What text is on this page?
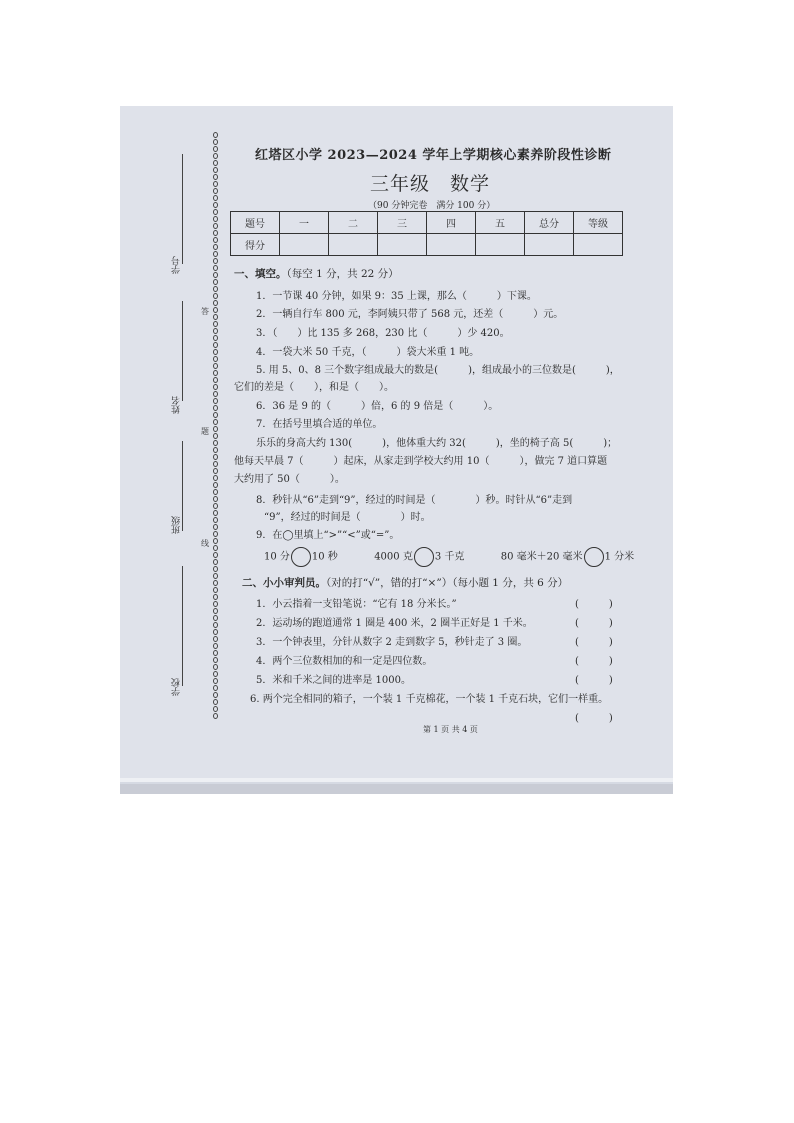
学号
姓名
班级
学校
答
题
线
红塔区小学 2023—2024 学年上学期核心素养阶段性诊断
三年级　数学
（90 分钟完卷　满分 100 分）
题号	一	二	三	四	五	总分	等级
得分							
一、填空。（每空 1 分，共 22 分）
1．一节课 40 分钟，如果 9：35 上课，那么（　　　）下课。
2．一辆自行车 800 元，李阿姨只带了 568 元，还差（　　　）元。
3．（　　）比 135 多 268，230 比（　　　）少 420。
4．一袋大米 50 千克，（　　　）袋大米重 1 吨。
5. 用 5、0、8 三个数字组成最大的数是(　　　)，组成最小的三位数是(　　　)，
它们的差是（　　），和是（　　）。
6．36 是 9 的（　　　）倍，6 的 9 倍是（　　　）。
7．在括号里填合适的单位。
乐乐的身高大约 130(　　　)，他体重大约 32(　　　)，坐的椅子高 5(　　　)；
他每天早晨 7（　　　）起床，从家走到学校大约用 10（　　　），做完 7 道口算题
大约用了 50（　　　）。
8．秒针从“6”走到“9”，经过的时间是（　　　　）秒。时针从“6”走到
“9”，经过的时间是（　　　　）时。
9．在◯里填上“>”“<”或“=”。
10 分 10 秒	4000 克 3 千克	80 毫米＋20 毫米 1 分米
二、小小审判员。（对的打“√”，错的打“×”）（每小题 1 分，共 6 分）
1．小云指着一支铅笔说：“它有 18 分米长。”	(　　　)
2．运动场的跑道通常 1 圈是 400 米，2 圈半正好是 1 千米。	(　　　)
3．一个钟表里，分针从数字 2 走到数字 5，秒针走了 3 圈。	(　　　)
4．两个三位数相加的和一定是四位数。	(　　　)
5．米和千米之间的进率是 1000。	(　　　)
6. 两个完全相同的箱子，一个装 1 千克棉花，一个装 1 千克石块，它们一样重。
(　　　)
第 1 页 共 4 页
